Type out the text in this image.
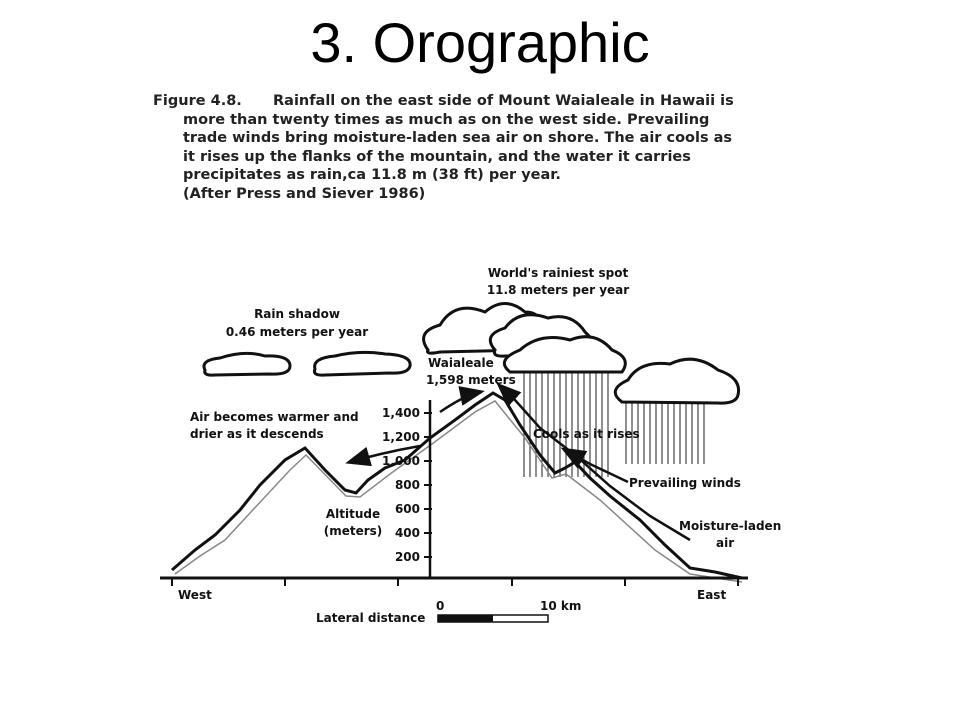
3. Orographic
Figure 4.8. Rainfall on the east side of Mount Waialeale in Hawaii is
more than twenty times as much as on the west side. Prevailing
trade winds bring moisture-laden sea air on shore. The air cools as
it rises up the flanks of the mountain, and the water it carries
precipitates as rain,ca 11.8 m (38 ft) per year.
(After Press and Siever 1986)
1,400
1,200
1,000
800
600
400
200
World's rainiest spot
11.8 meters per year
Rain shadow
0.46 meters per year
Waialeale
1,598 meters
Air becomes warmer and
drier as it descends	Cools as it rises
Prevailing winds
Moisture-laden
air
Altitude
(meters)
West	East
Lateral distance
0	10 km
